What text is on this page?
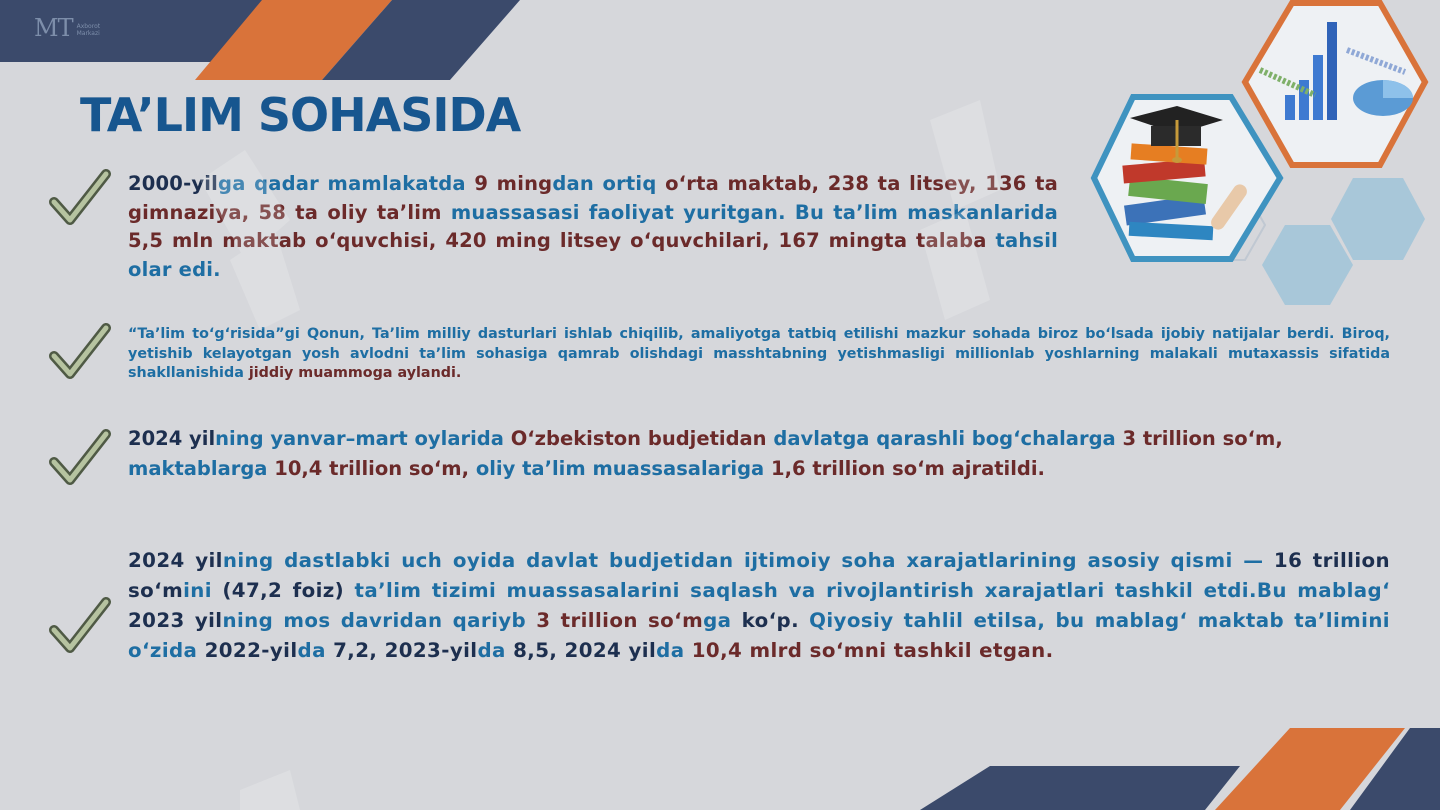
MT Axborot
Markazi
TA’LIM SOHASIDA

2000-yilga qadar mamlakatda 9 mingdan ortiq o‘rta maktab, 238 ta litsey, 136 ta gimnaziya, 58 ta oliy ta’lim muassasasi faoliyat yuritgan. Bu ta’lim maskanlarida 5,5 mln maktab o‘quvchisi, 420 ming litsey o‘quvchilari, 167 mingta talaba tahsil olar edi.

“Ta’lim to‘g‘risida”gi Qonun, Ta’lim milliy dasturlari ishlab chiqilib, amaliyotga tatbiq etilishi mazkur sohada biroz bo‘lsada ijobiy natijalar berdi. Biroq, yetishib kelayotgan yosh avlodni ta’lim sohasiga qamrab olishdagi masshtabning yetishmasligi millionlab yoshlarning malakali mutaxassis sifatida shakllanishida jiddiy muammoga aylandi.

2024 yilning yanvar–mart oylarida O‘zbekiston budjetidan davlatga qarashli bog‘chalarga 3 trillion so‘m, maktablarga 10,4 trillion so‘m, oliy ta’lim muassasalariga 1,6 trillion so‘m ajratildi.

2024 yilning dastlabki uch oyida davlat budjetidan ijtimoiy soha xarajatlarining asosiy qismi — 16 trillion so‘mini (47,2 foiz) ta’lim tizimi muassasalarini saqlash va rivojlantirish xarajatlari tashkil etdi.Bu mablag‘ 2023 yilning mos davridan qariyb 3 trillion so‘mga ko‘p. Qiyosiy tahlil etilsa, bu mablag‘ maktab ta’limini o‘zida 2022-yilda 7,2, 2023-yilda 8,5, 2024 yilda 10,4 mlrd so‘mni tashkil etgan.
